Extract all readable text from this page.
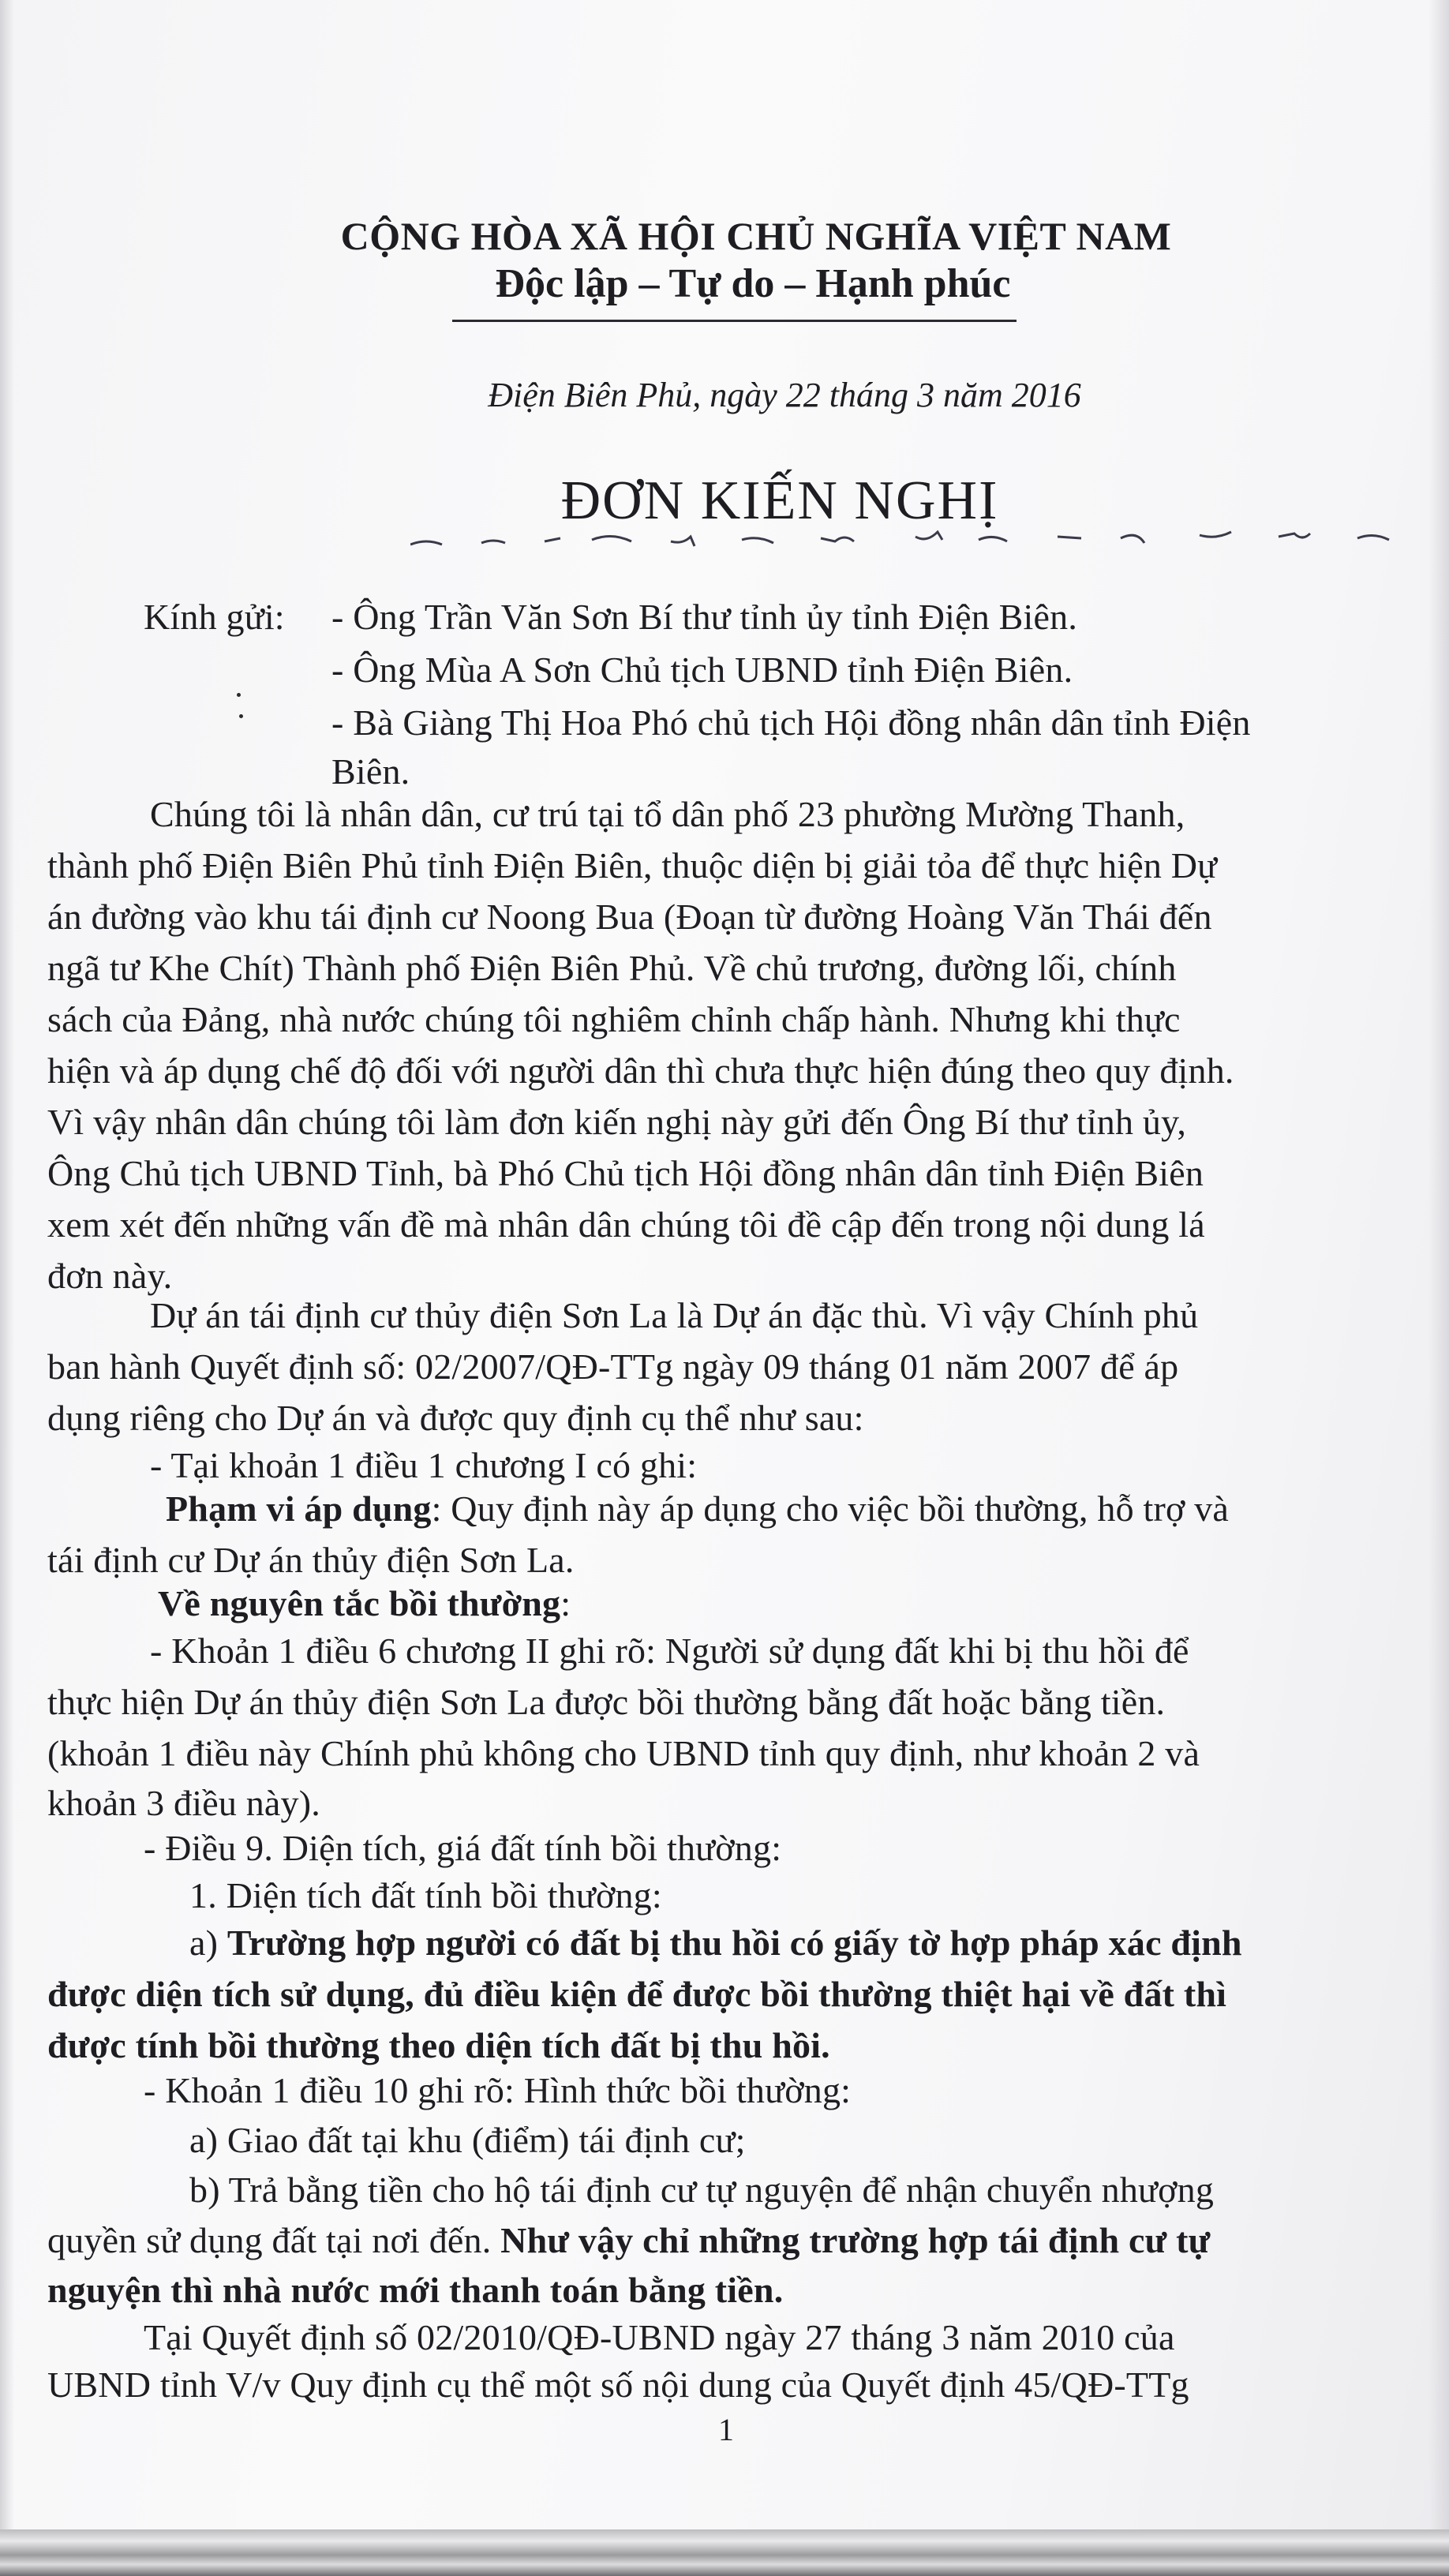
CỘNG HÒA XÃ HỘI CHỦ NGHĨA VIỆT NAM
Độc lập – Tự do – Hạnh phúc
Điện Biên Phủ, ngày 22 tháng 3 năm 2016
ĐƠN KIẾN NGHỊ
Kính gửi: - Ông Trần Văn Sơn Bí thư tỉnh ủy tỉnh Điện Biên.
- Ông Mùa A Sơn Chủ tịch UBND tỉnh Điện Biên.
- Bà Giàng Thị Hoa Phó chủ tịch Hội đồng nhân dân tỉnh Điện
Biên.
Chúng tôi là nhân dân, cư trú tại tổ dân phố 23 phường Mường Thanh,
thành phố Điện Biên Phủ tỉnh Điện Biên, thuộc diện bị giải tỏa để thực hiện Dự
án đường vào khu tái định cư Noong Bua (Đoạn từ đường Hoàng Văn Thái đến
ngã tư Khe Chít) Thành phố Điện Biên Phủ. Về chủ trương, đường lối, chính
sách của Đảng, nhà nước chúng tôi nghiêm chỉnh chấp hành. Nhưng khi thực
hiện và áp dụng chế độ đối với người dân thì chưa thực hiện đúng theo quy định.
Vì vậy nhân dân chúng tôi làm đơn kiến nghị này gửi đến Ông Bí thư tỉnh ủy,
Ông Chủ tịch UBND Tỉnh, bà Phó Chủ tịch Hội đồng nhân dân tỉnh Điện Biên
xem xét đến những vấn đề mà nhân dân chúng tôi đề cập đến trong nội dung lá
đơn này.
Dự án tái định cư thủy điện Sơn La là Dự án đặc thù. Vì vậy Chính phủ
ban hành Quyết định số: 02/2007/QĐ-TTg ngày 09 tháng 01 năm 2007 để áp
dụng riêng cho Dự án và được quy định cụ thể như sau:
- Tại khoản 1 điều 1 chương I có ghi:
Phạm vi áp dụng: Quy định này áp dụng cho việc bồi thường, hỗ trợ và
tái định cư Dự án thủy điện Sơn La.
Về nguyên tắc bồi thường:
- Khoản 1 điều 6 chương II ghi rõ: Người sử dụng đất khi bị thu hồi để
thực hiện Dự án thủy điện Sơn La được bồi thường bằng đất hoặc bằng tiền.
(khoản 1 điều này Chính phủ không cho UBND tỉnh quy định, như khoản 2 và
khoản 3 điều này).
- Điều 9. Diện tích, giá đất tính bồi thường:
1. Diện tích đất tính bồi thường:
a) Trường hợp người có đất bị thu hồi có giấy tờ hợp pháp xác định
được diện tích sử dụng, đủ điều kiện để được bồi thường thiệt hại về đất thì
được tính bồi thường theo diện tích đất bị thu hồi.
- Khoản 1 điều 10 ghi rõ: Hình thức bồi thường:
a) Giao đất tại khu (điểm) tái định cư;
b) Trả bằng tiền cho hộ tái định cư tự nguyện để nhận chuyển nhượng
quyền sử dụng đất tại nơi đến. Như vậy chỉ những trường hợp tái định cư tự
nguyện thì nhà nước mới thanh toán bằng tiền.
Tại Quyết định số 02/2010/QĐ-UBND ngày 27 tháng 3 năm 2010 của
UBND tỉnh V/v Quy định cụ thể một số nội dung của Quyết định 45/QĐ-TTg
1
